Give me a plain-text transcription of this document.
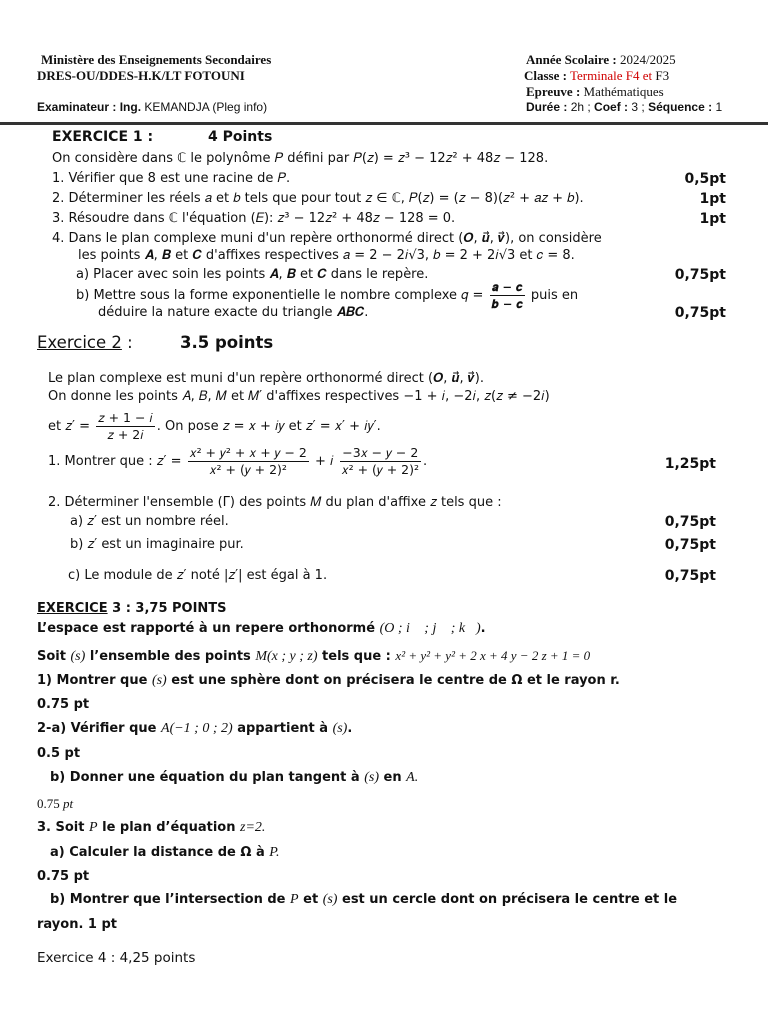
Ministère des Enseignements Secondaires
DRES-OU/DDES-H.K/LT FOTOUNI
Examinateur : Ing. KEMANDJA (Pleg info)
Année Scolaire : 2024/2025
Classe : Terminale F4 et F3
Epreuve : Mathématiques
Durée : 2h ; Coef : 3 ; Séquence : 1
EXERCICE 1 :	4 Points
On considère dans ℂ le polynôme 𝑃 défini par 𝑃(𝑧) = 𝑧³ − 12𝑧² + 48𝑧 − 128.
1. Vérifier que 8 est une racine de 𝑃.	0,5pt
2. Déterminer les réels 𝑎 et 𝑏 tels que pour tout 𝑧 ∈ ℂ, 𝑃(𝑧) = (𝑧 − 8)(𝑧² + 𝑎𝑧 + 𝑏).	1pt
3. Résoudre dans ℂ l'équation (𝐸): 𝑧³ − 12𝑧² + 48𝑧 − 128 = 0.	1pt
4. Dans le plan complexe muni d'un repère orthonormé direct (𝑶, 𝒖⃗, 𝒗⃗), on considère
les points 𝑨, 𝑩 et 𝑪 d'affixes respectives 𝑎 = 2 − 2𝑖√3, 𝑏 = 2 + 2𝑖√3 et 𝑐 = 8.
a) Placer avec soin les points 𝑨, 𝑩 et 𝑪 dans le repère.	0,75pt
b) Mettre sous la forme exponentielle le nombre complexe 𝑞 = $\frac{\text{𝒂 − 𝒄}}{\text{𝒃 − 𝒄}}$ puis en
déduire la nature exacte du triangle 𝑨𝑩𝑪.	0,75pt
Exercice 2 :	3.5 points
Le plan complexe est muni d'un repère orthonormé direct (𝑶, 𝒖⃗, 𝒗⃗).
On donne les points 𝐴, 𝐵, 𝑀 et 𝑀′ d'affixes respectives −1 + 𝑖, −2𝑖, 𝑧(𝑧 ≠ −2𝑖)
et 𝑧′ = $\frac{\text{𝑧 + 1 − 𝑖}}{\text{𝑧 + 2𝑖}}$ . On pose 𝑧 = 𝑥 + 𝑖𝑦 et 𝑧′ = 𝑥′ + 𝑖𝑦′.
1. Montrer que : 𝑧′ = $\frac{\text{𝑥² + 𝑦² + 𝑥 + 𝑦 − 2}}{\text{𝑥² + (𝑦 + 2)²}}$ + 𝑖 $\frac{\text{−3𝑥 − 𝑦 − 2}}{\text{𝑥² + (𝑦 + 2)²}}$ .	1,25pt
2. Déterminer l'ensemble (Γ) des points 𝑀 du plan d'affixe 𝑧 tels que :
a) 𝑧′ est un nombre réel.	0,75pt
b) 𝑧′ est un imaginaire pur.	0,75pt
c) Le module de 𝑧′ noté |𝑧′| est égal à 1.	0,75pt
EXERCICE 3 : 3,75 POINTS
L’espace est rapporté à un repere orthonormé (O ; i⃗ ; j⃗ ; k⃗).
Soit (s) l’ensemble des points M(x ; y ; z) tels que : x² + y² + y² + 2 x + 4 y − 2 z + 1 = 0
1) Montrer que (s) est une sphère dont on précisera le centre de Ω et le rayon r.
0.75 pt
2-a) Vérifier que A(−1 ; 0 ; 2) appartient à (s).
0.5 pt
b) Donner une équation du plan tangent à (s) en A.
0.75 pt
3. Soit P le plan d’équation z=2.
a) Calculer la distance de Ω à P.
0.75 pt
b) Montrer que l’intersection de P et (s) est un cercle dont on précisera le centre et le
rayon. 1 pt
Exercice 4 : 4,25 points
